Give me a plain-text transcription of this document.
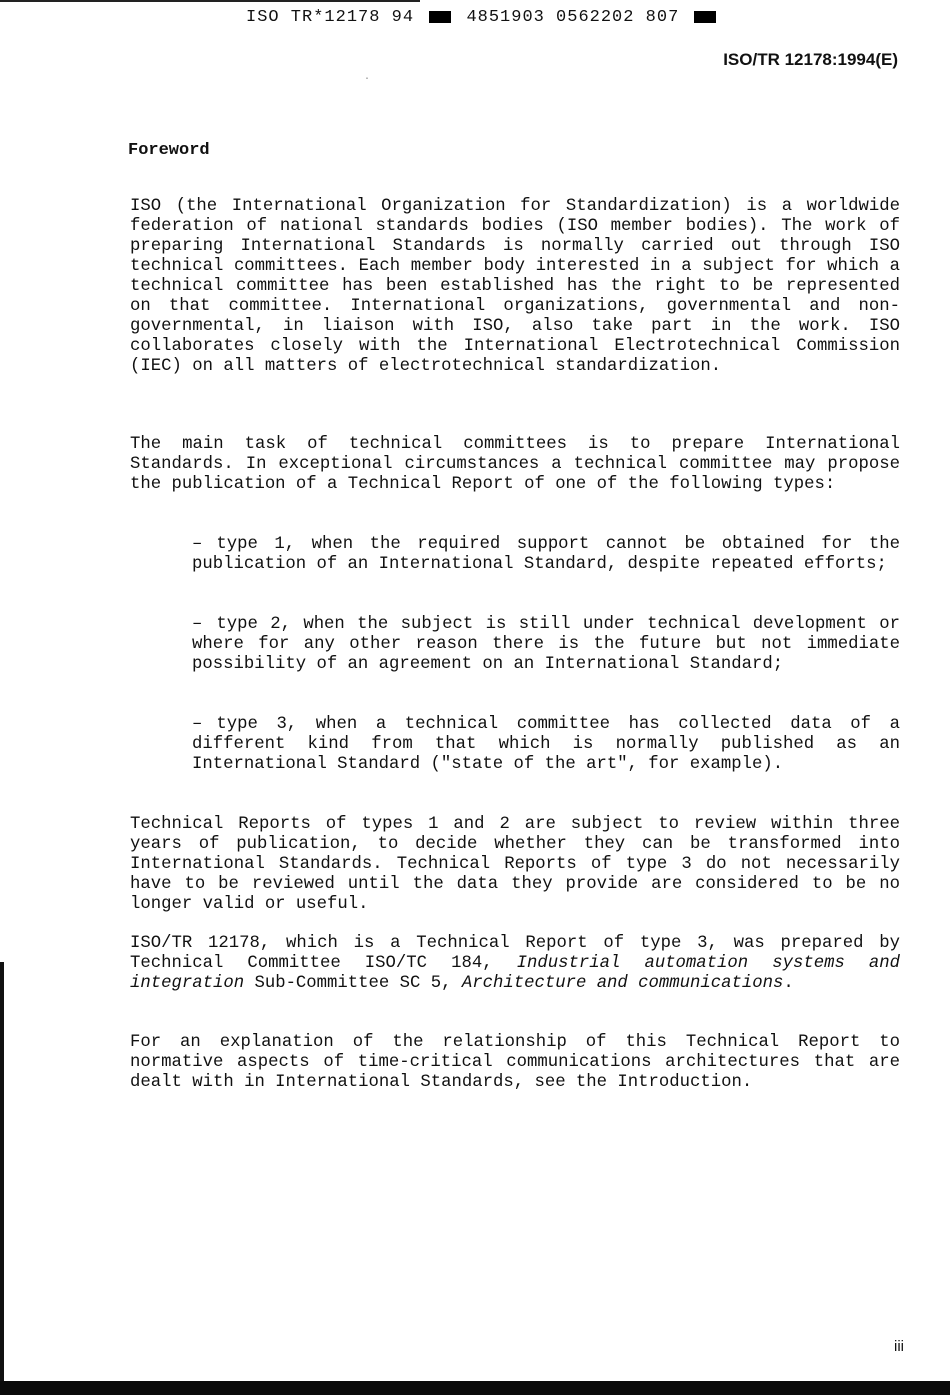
ISO TR*12178 94	4851903 0562202 807
ISO/TR 12178:1994(E)
·
Foreword

ISO (the International Organization for Standardization) is a worldwide federation of national standards bodies (ISO member bodies). The work of preparing International Standards is normally carried out through ISO technical committees. Each member body interested in a subject for which a technical committee has been established has the right to be represented on that committee. International organizations, governmental and non-governmental, in liaison with ISO, also take part in the work. ISO collaborates closely with the International Electrotechnical Commission (IEC) on all matters of electrotechnical standardization.

The main task of technical committees is to prepare International Standards. In exceptional circumstances a technical committee may propose the publication of a Technical Report of one of the following types:

– type 1, when the required support cannot be obtained for the publication of an International Standard, despite repeated efforts;

– type 2, when the subject is still under technical development or where for any other reason there is the future but not immediate possibility of an agreement on an International Standard;

– type 3, when a technical committee has collected data of a different kind from that which is normally published as an International Standard ("state of the art", for example).

Technical Reports of types 1 and 2 are subject to review within three years of publication, to decide whether they can be transformed into International Standards. Technical Reports of type 3 do not necessarily have to be reviewed until the data they provide are considered to be no longer valid or useful.

ISO/TR 12178, which is a Technical Report of type 3, was prepared by Technical Committee ISO/TC 184, Industrial automation systems and integration Sub-Committee SC 5, Architecture and communications.

For an explanation of the relationship of this Technical Report to normative aspects of time-critical communications architectures that are dealt with in International Standards, see the Introduction.

iii
